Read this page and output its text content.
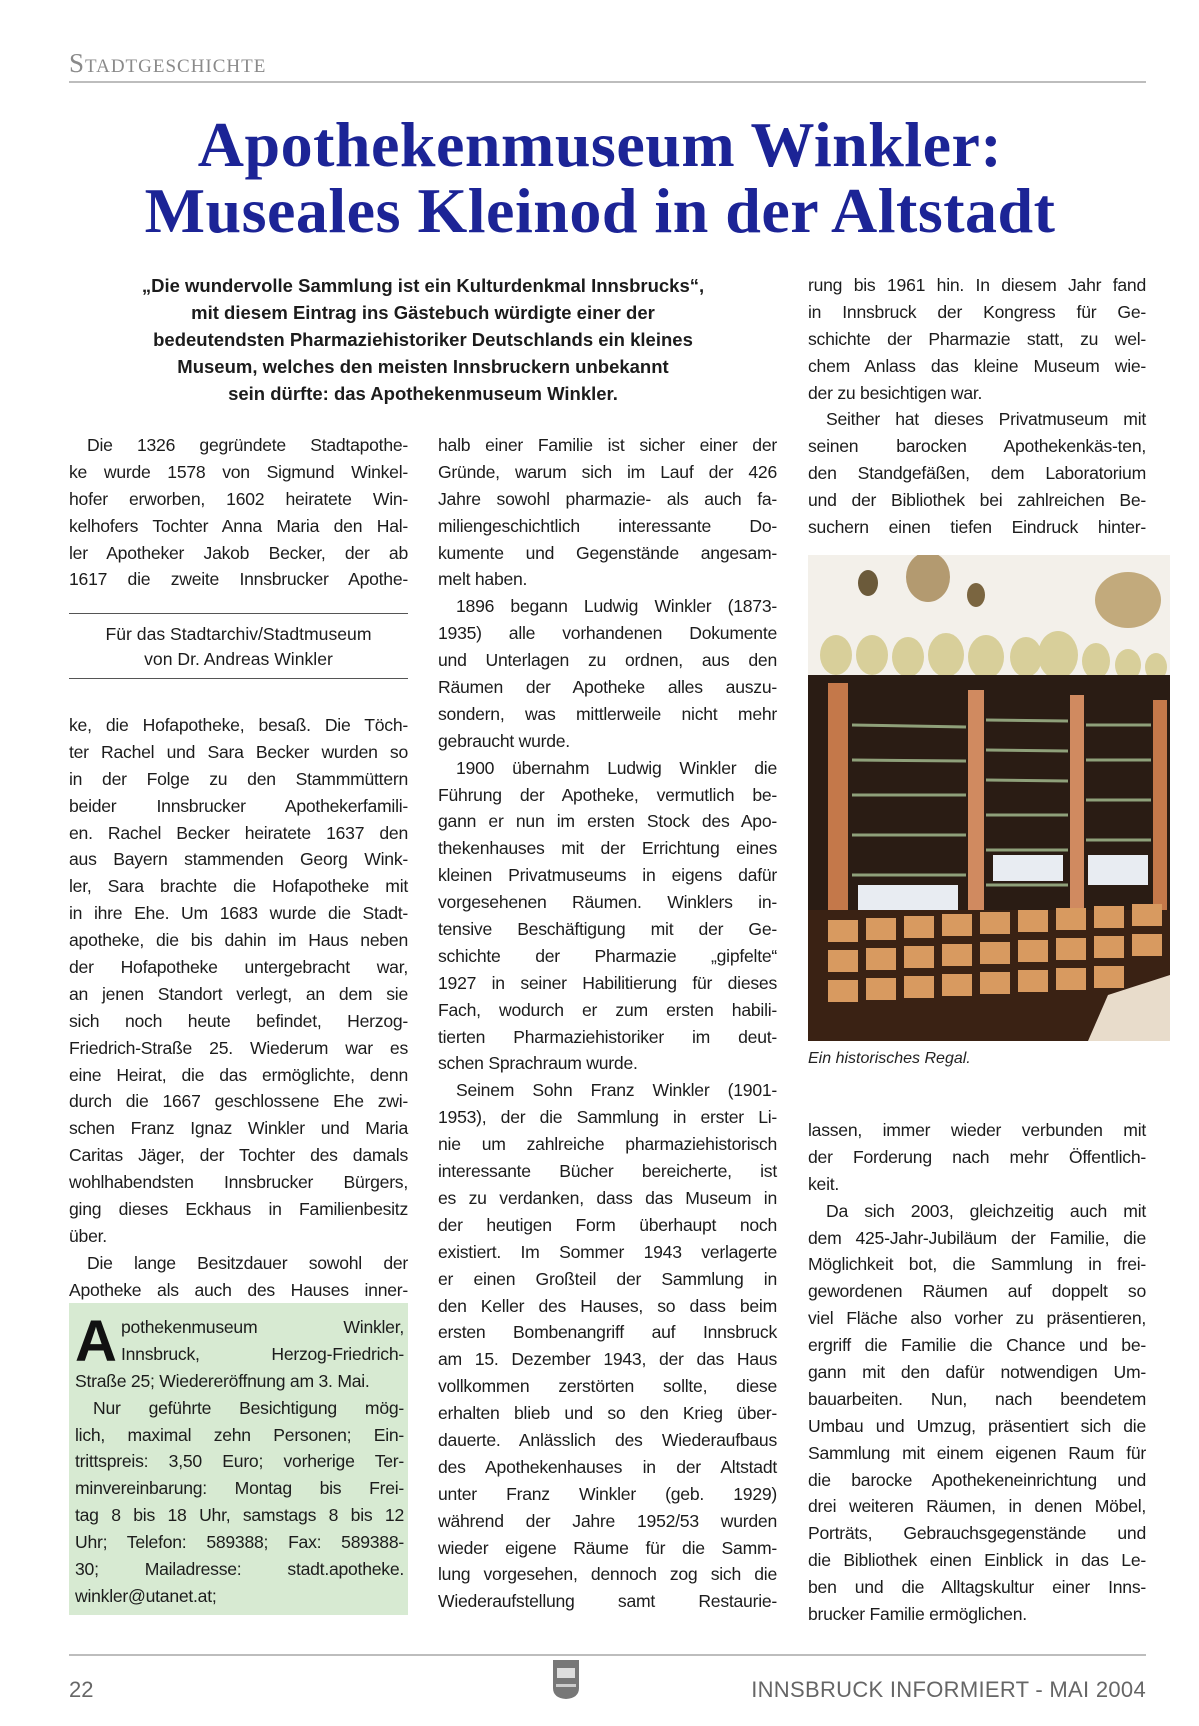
Stadtgeschichte
Apothekenmuseum Winkler:
Museales Kleinod in der Altstadt
„Die wundervolle Sammlung ist ein Kulturdenkmal Innsbrucks“,
mit diesem Eintrag ins Gästebuch würdigte einer der
bedeutendsten Pharmaziehistoriker Deutschlands ein kleines
Museum, welches den meisten Innsbruckern unbekannt
sein dürfte: das Apothekenmuseum Winkler.
Die 1326 gegründete Stadtapothe-
ke wurde 1578 von Sigmund Winkel-
hofer erworben, 1602 heiratete Win-
kelhofers Tochter Anna Maria den Hal-
ler Apotheker Jakob Becker, der ab
1617 die zweite Innsbrucker Apothe-
Für das Stadtarchiv/Stadtmuseum
von Dr. Andreas Winkler
ke, die Hofapotheke, besaß. Die Töch-
ter Rachel und Sara Becker wurden so
in der Folge zu den Stammmüttern
beider Innsbrucker Apothekerfamili-
en. Rachel Becker heiratete 1637 den
aus Bayern stammenden Georg Wink-
ler, Sara brachte die Hofapotheke mit
in ihre Ehe. Um 1683 wurde die Stadt-
apotheke, die bis dahin im Haus neben
der Hofapotheke untergebracht war,
an jenen Standort verlegt, an dem sie
sich noch heute befindet, Herzog-
Friedrich-Straße 25. Wiederum war es
eine Heirat, die das ermöglichte, denn
durch die 1667 geschlossene Ehe zwi-
schen Franz Ignaz Winkler und Maria
Caritas Jäger, der Tochter des damals
wohlhabendsten Innsbrucker Bürgers,
ging dieses Eckhaus in Familienbesitz
über.
Die lange Besitzdauer sowohl der
Apotheke als auch des Hauses inner-
A pothekenmuseum Winkler,
Innsbruck, Herzog-Friedrich-
Straße 25; Wiedereröffnung am 3. Mai.
Nur geführte Besichtigung mög-
lich, maximal zehn Personen; Ein-
trittspreis: 3,50 Euro; vorherige Ter-
minvereinbarung: Montag bis Frei-
tag 8 bis 18 Uhr, samstags 8 bis 12
Uhr; Telefon: 589388; Fax: 589388-
30; Mailadresse: stadt.apotheke.
winkler@utanet.at;
halb einer Familie ist sicher einer der
Gründe, warum sich im Lauf der 426
Jahre sowohl pharmazie- als auch fa-
miliengeschichtlich interessante Do-
kumente und Gegenstände angesam-
melt haben.
1896 begann Ludwig Winkler (1873-
1935) alle vorhandenen Dokumente
und Unterlagen zu ordnen, aus den
Räumen der Apotheke alles auszu-
sondern, was mittlerweile nicht mehr
gebraucht wurde.
1900 übernahm Ludwig Winkler die
Führung der Apotheke, vermutlich be-
gann er nun im ersten Stock des Apo-
thekenhauses mit der Errichtung eines
kleinen Privatmuseums in eigens dafür
vorgesehenen Räumen. Winklers in-
tensive Beschäftigung mit der Ge-
schichte der Pharmazie „gipfelte“
1927 in seiner Habilitierung für dieses
Fach, wodurch er zum ersten habili-
tierten Pharmaziehistoriker im deut-
schen Sprachraum wurde.
Seinem Sohn Franz Winkler (1901-
1953), der die Sammlung in erster Li-
nie um zahlreiche pharmaziehistorisch
interessante Bücher bereicherte, ist
es zu verdanken, dass das Museum in
der heutigen Form überhaupt noch
existiert. Im Sommer 1943 verlagerte
er einen Großteil der Sammlung in
den Keller des Hauses, so dass beim
ersten Bombenangriff auf Innsbruck
am 15. Dezember 1943, der das Haus
vollkommen zerstörten sollte, diese
erhalten blieb und so den Krieg über-
dauerte. Anlässlich des Wiederaufbaus
des Apothekenhauses in der Altstadt
unter Franz Winkler (geb. 1929)
während der Jahre 1952/53 wurden
wieder eigene Räume für die Samm-
lung vorgesehen, dennoch zog sich die
Wiederaufstellung samt Restaurie-
rung bis 1961 hin. In diesem Jahr fand
in Innsbruck der Kongress für Ge-
schichte der Pharmazie statt, zu wel-
chem Anlass das kleine Museum wie-
der zu besichtigen war.
Seither hat dieses Privatmuseum mit
seinen barocken Apothekenkäs-ten,
den Standgefäßen, dem Laboratorium
und der Bibliothek bei zahlreichen Be-
suchern einen tiefen Eindruck hinter-
Ein historisches Regal.
lassen, immer wieder verbunden mit
der Forderung nach mehr Öffentlich-
keit.
Da sich 2003, gleichzeitig auch mit
dem 425-Jahr-Jubiläum der Familie, die
Möglichkeit bot, die Sammlung in frei-
gewordenen Räumen auf doppelt so
viel Fläche also vorher zu präsentieren,
ergriff die Familie die Chance und be-
gann mit den dafür notwendigen Um-
bauarbeiten. Nun, nach beendetem
Umbau und Umzug, präsentiert sich die
Sammlung mit einem eigenen Raum für
die barocke Apothekeneinrichtung und
drei weiteren Räumen, in denen Möbel,
Porträts, Gebrauchsgegenstände und
die Bibliothek einen Einblick in das Le-
ben und die Alltagskultur einer Inns-
brucker Familie ermöglichen.
22	INNSBRUCK INFORMIERT - MAI 2004
